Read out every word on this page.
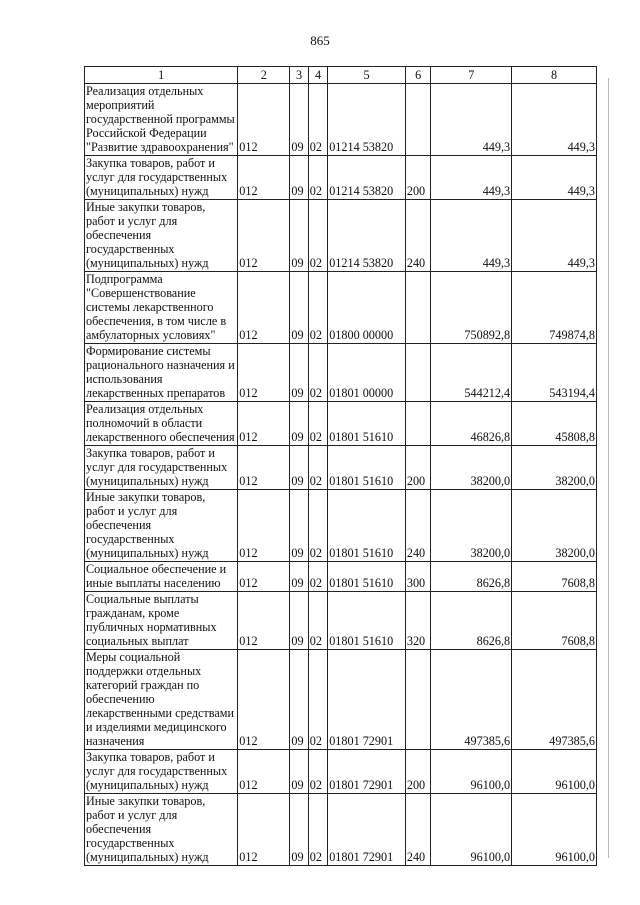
865
1	2	3	4	5	6	7	8
Реализация отдельных мероприятий государственной программы Российской Федерации "Развитие здравоохранения"	012	09	02	01214 53820		449,3	449,3
Закупка товаров, работ и услуг для государственных (муниципальных) нужд	012	09	02	01214 53820	200	449,3	449,3
Иные закупки товаров, работ и услуг для обеспечения государственных (муниципальных) нужд	012	09	02	01214 53820	240	449,3	449,3
Подпрограмма "Совершенствование системы лекарственного обеспечения, в том числе в амбулаторных условиях"	012	09	02	01800 00000		750892,8	749874,8
Формирование системы рационального назначения и использования лекарственных препаратов	012	09	02	01801 00000		544212,4	543194,4
Реализация отдельных полномочий в области лекарственного обеспечения	012	09	02	01801 51610		46826,8	45808,8
Закупка товаров, работ и услуг для государственных (муниципальных) нужд	012	09	02	01801 51610	200	38200,0	38200,0
Иные закупки товаров, работ и услуг для обеспечения государственных (муниципальных) нужд	012	09	02	01801 51610	240	38200,0	38200,0
Социальное обеспечение и иные выплаты населению	012	09	02	01801 51610	300	8626,8	7608,8
Социальные выплаты гражданам, кроме публичных нормативных социальных выплат	012	09	02	01801 51610	320	8626,8	7608,8
Меры социальной поддержки отдельных категорий граждан по обеспечению лекарственными средствами и изделиями медицинского назначения	012	09	02	01801 72901		497385,6	497385,6
Закупка товаров, работ и услуг для государственных (муниципальных) нужд	012	09	02	01801 72901	200	96100,0	96100,0
Иные закупки товаров, работ и услуг для обеспечения государственных (муниципальных) нужд	012	09	02	01801 72901	240	96100,0	96100,0
